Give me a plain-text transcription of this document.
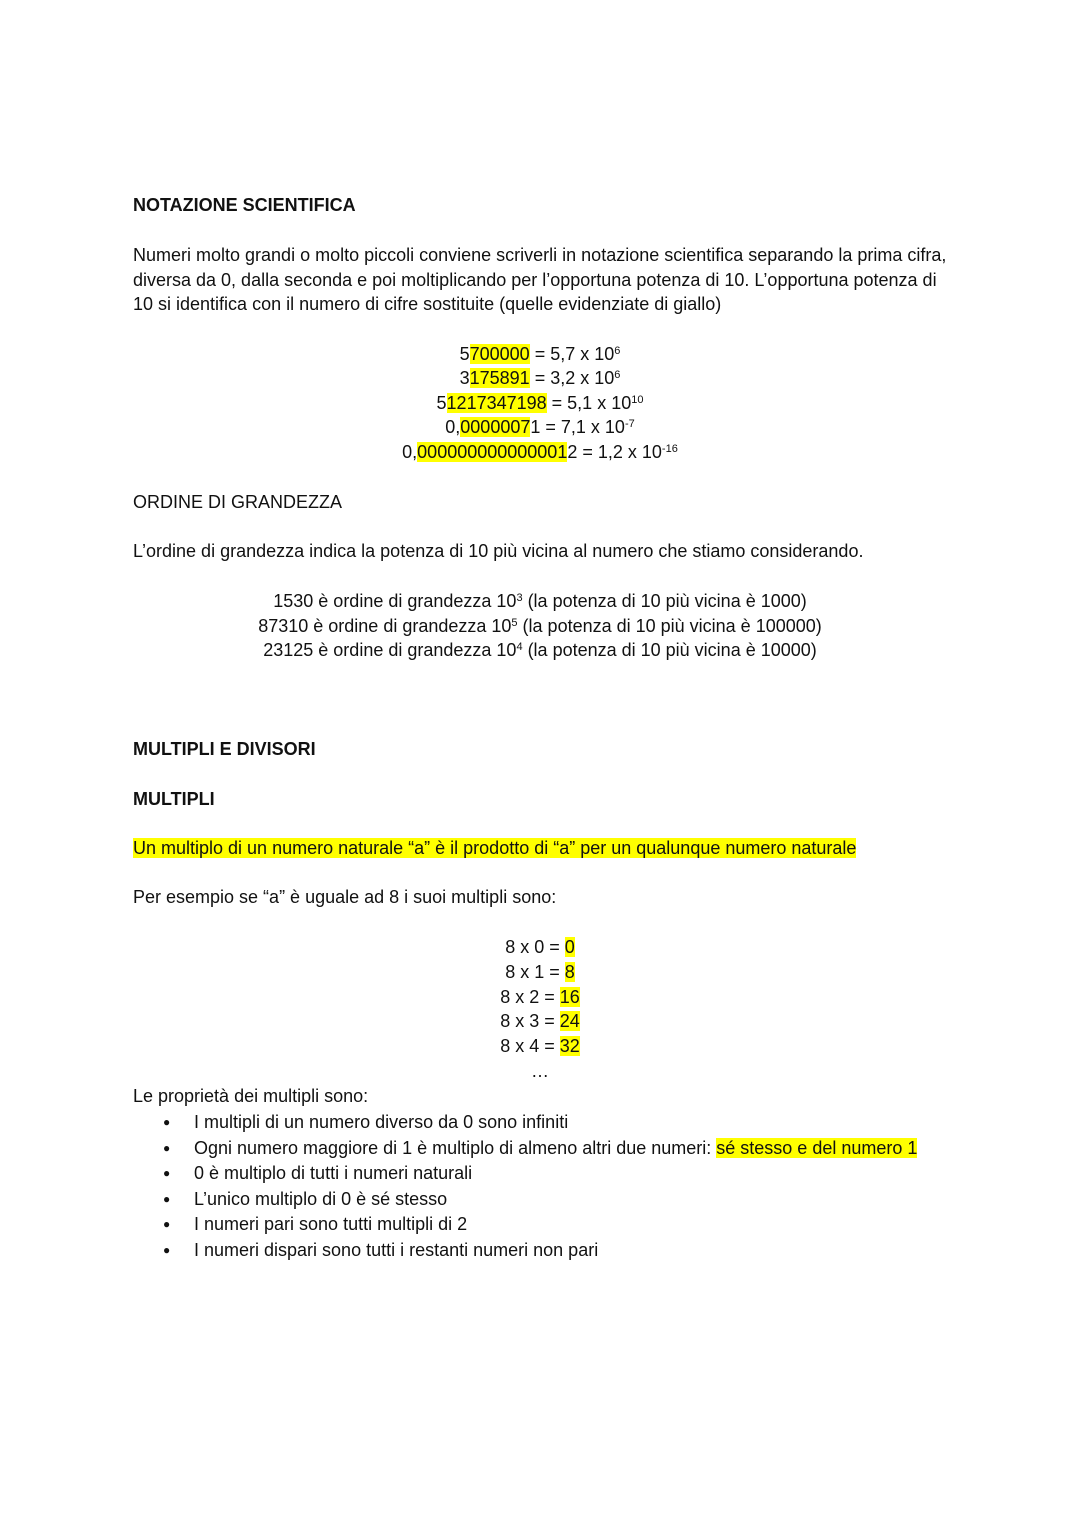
NOTAZIONE SCIENTIFICA
Numeri molto grandi o molto piccoli conviene scriverli in notazione scientifica separando la prima cifra, diversa da 0, dalla seconda e poi moltiplicando per l’opportuna potenza di 10. L’opportuna potenza di 10 si identifica con il numero di cifre sostituite (quelle evidenziate di giallo)
5700000 = 5,7 x $10^6$
3175891 = 3,2 x $10^6$
51217347198 = 5,1 x $10^{10}$
0,00000071 = 7,1 x $10^{-7}$
0,0000000000000012 = 1,2 x $10^{-16}$
ORDINE DI GRANDEZZA
L’ordine di grandezza indica la potenza di 10 più vicina al numero che stiamo considerando.
1530 è ordine di grandezza $10^3$ (la potenza di 10 più vicina è 1000)
87310 è ordine di grandezza $10^5$ (la potenza di 10 più vicina è 100000)
23125 è ordine di grandezza $10^4$ (la potenza di 10 più vicina è 10000)
MULTIPLI E DIVISORI
MULTIPLI
Un multiplo di un numero naturale “a” è il prodotto di “a” per un qualunque numero naturale
Per esempio se “a” è uguale ad 8 i suoi multipli sono:
8 x 0 = 0
8 x 1 = 8
8 x 2 = 16
8 x 3 = 24
8 x 4 = 32
…
Le proprietà dei multipli sono:
● I multipli di un numero diverso da 0 sono infiniti
● Ogni numero maggiore di 1 è multiplo di almeno altri due numeri: sé stesso e del numero 1
● 0 è multiplo di tutti i numeri naturali
● L’unico multiplo di 0 è sé stesso
● I numeri pari sono tutti multipli di 2
● I numeri dispari sono tutti i restanti numeri non pari
